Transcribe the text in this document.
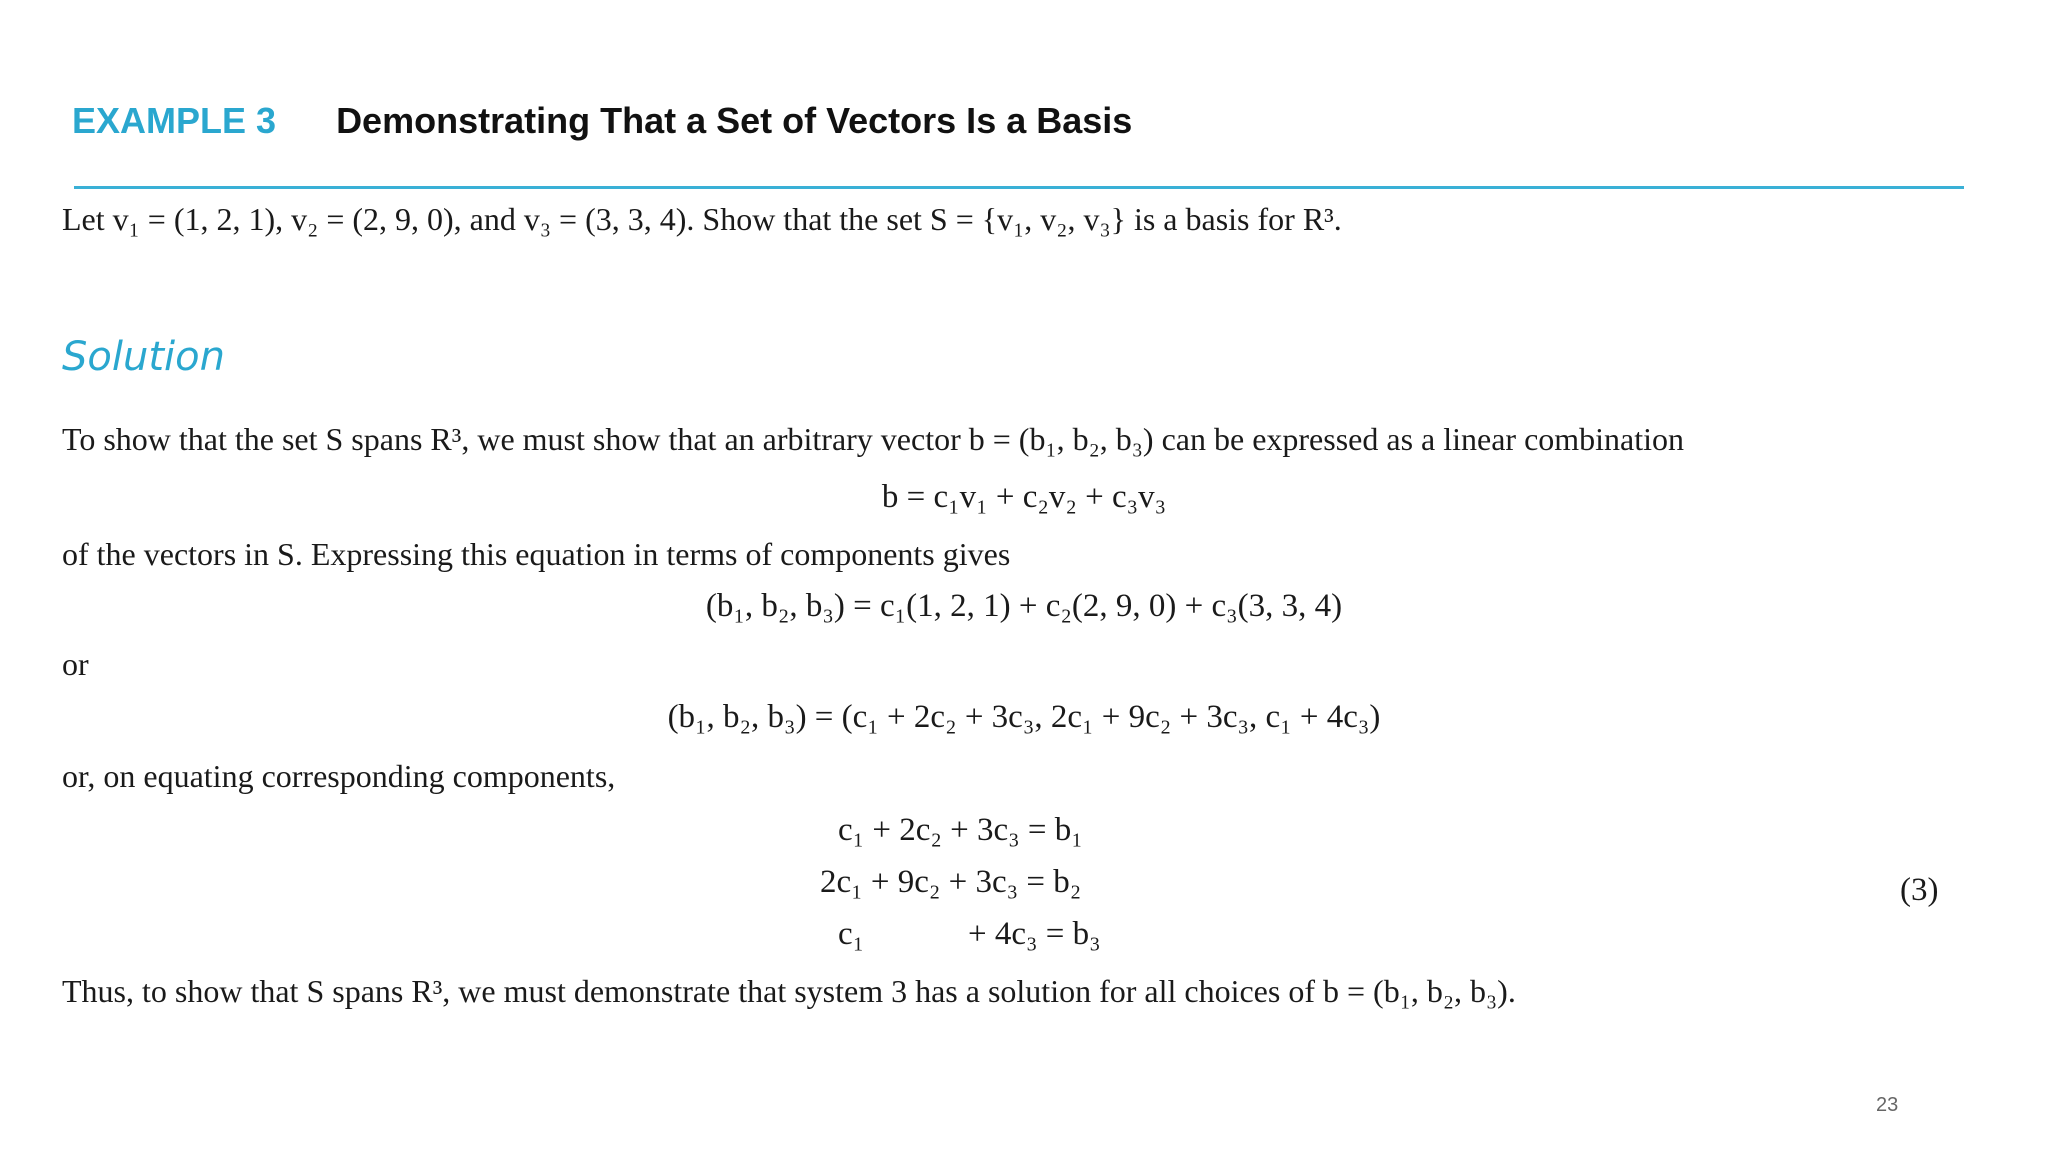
EXAMPLE 3 Demonstrating That a Set of Vectors Is a Basis
Let v₁ = (1, 2, 1), v₂ = (2, 9, 0), and v₃ = (3, 3, 4). Show that the set S = {v₁, v₂, v₃} is a basis for R³.
Solution
To show that the set S spans R³, we must show that an arbitrary vector b = (b₁, b₂, b₃) can be expressed as a linear combination
b = c₁v₁ + c₂v₂ + c₃v₃
of the vectors in S. Expressing this equation in terms of components gives
(b₁, b₂, b₃) = c₁(1, 2, 1) + c₂(2, 9, 0) + c₃(3, 3, 4)
or
(b₁, b₂, b₃) = (c₁ + 2c₂ + 3c₃, 2c₁ + 9c₂ + 3c₃, c₁ + 4c₃)
or, on equating corresponding components,
c₁ + 2c₂ + 3c₃ = b₁
2c₁ + 9c₂ + 3c₃ = b₂
c₁	+ 4c₃ = b₃
(3)
Thus, to show that S spans R³, we must demonstrate that system 3 has a solution for all choices of b = (b₁, b₂, b₃).
23
